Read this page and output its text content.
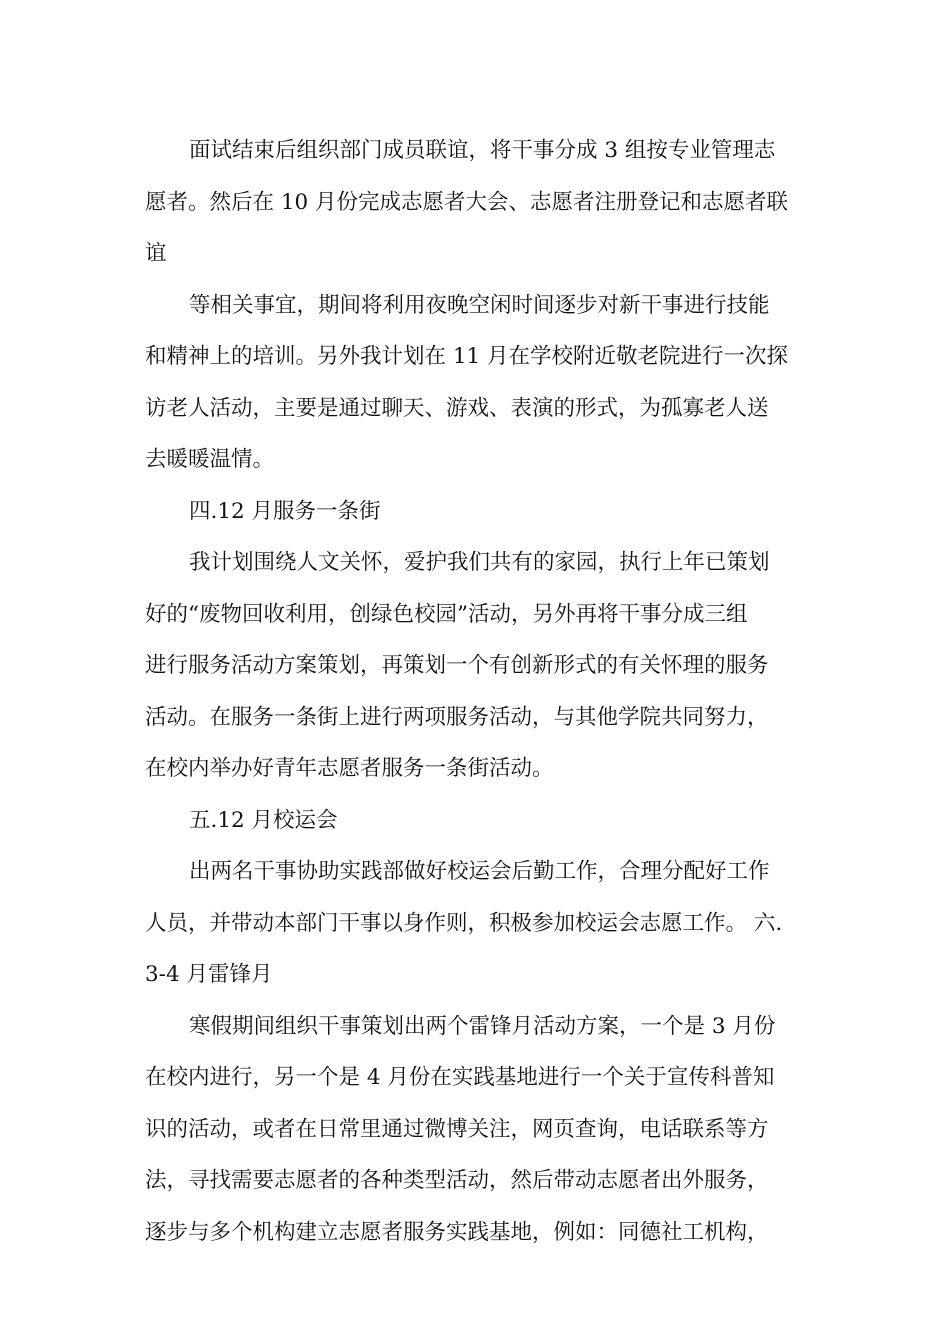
面试结束后组织部门成员联谊，将干事分成 3 组按专业管理志
愿者。然后在 10 月份完成志愿者大会、志愿者注册登记和志愿者联
谊
等相关事宜，期间将利用夜晚空闲时间逐步对新干事进行技能
和精神上的培训。另外我计划在 11 月在学校附近敬老院进行一次探
访老人活动，主要是通过聊天、游戏、表演的形式，为孤寡老人送
去暖暖温情。
四.12 月服务一条街
我计划围绕人文关怀，爱护我们共有的家园，执行上年已策划
好的“废物回收利用，创绿色校园”活动，另外再将干事分成三组
进行服务活动方案策划，再策划一个有创新形式的有关怀理的服务
活动。在服务一条街上进行两项服务活动，与其他学院共同努力，
在校内举办好青年志愿者服务一条街活动。
五.12 月校运会
出两名干事协助实践部做好校运会后勤工作，合理分配好工作
人员，并带动本部门干事以身作则，积极参加校运会志愿工作。 六.
3-4 月雷锋月
寒假期间组织干事策划出两个雷锋月活动方案，一个是 3 月份
在校内进行，另一个是 4 月份在实践基地进行一个关于宣传科普知
识的活动，或者在日常里通过微博关注，网页查询，电话联系等方
法，寻找需要志愿者的各种类型活动，然后带动志愿者出外服务，
逐步与多个机构建立志愿者服务实践基地，例如：同德社工机构，
